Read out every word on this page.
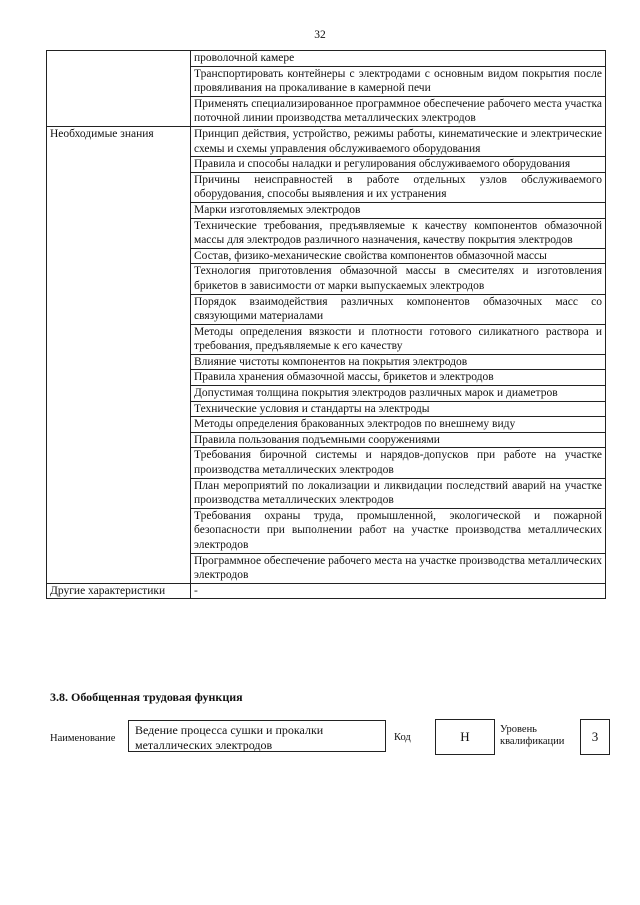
32
	проволочной камере
	Транспортировать контейнеры с электродами с основным видом покрытия после провяливания на прокаливание в камерной печи
	Применять специализированное программное обеспечение рабочего места участка поточной линии производства металлических электродов
Необходимые знания	Принцип действия, устройство, режимы работы, кинематические и электрические схемы и схемы управления обслуживаемого оборудования
	Правила и способы наладки и регулирования обслуживаемого оборудования
	Причины неисправностей в работе отдельных узлов обслуживаемого оборудования, способы выявления и их устранения
	Марки изготовляемых электродов
	Технические требования, предъявляемые к качеству компонентов обмазочной массы для электродов различного назначения, качеству покрытия электродов
	Состав, физико-механические свойства компонентов обмазочной массы
	Технология приготовления обмазочной массы в смесителях и изготовления брикетов в зависимости от марки выпускаемых электродов
	Порядок взаимодействия различных компонентов обмазочных масс со связующими материалами
	Методы определения вязкости и плотности готового силикатного раствора и требования, предъявляемые к его качеству
	Влияние чистоты компонентов на покрытия электродов
	Правила хранения обмазочной массы, брикетов и электродов
	Допустимая толщина покрытия электродов различных марок и диаметров
	Технические условия и стандарты на электроды
	Методы определения бракованных электродов по внешнему виду
	Правила пользования подъемными сооружениями
	Требования бирочной системы и нарядов-допусков при работе на участке производства металлических электродов
	План мероприятий по локализации и ликвидации последствий аварий на участке производства металлических электродов
	Требования охраны труда, промышленной, экологической и пожарной безопасности при выполнении работ на участке производства металлических электродов
	Программное обеспечение рабочего места на участке производства металлических электродов
Другие характеристики	-
3.8. Обобщенная трудовая функция
Наименование
Ведение процесса сушки и прокалки металлических электродов	Код	H	Уровень квалификации	3
